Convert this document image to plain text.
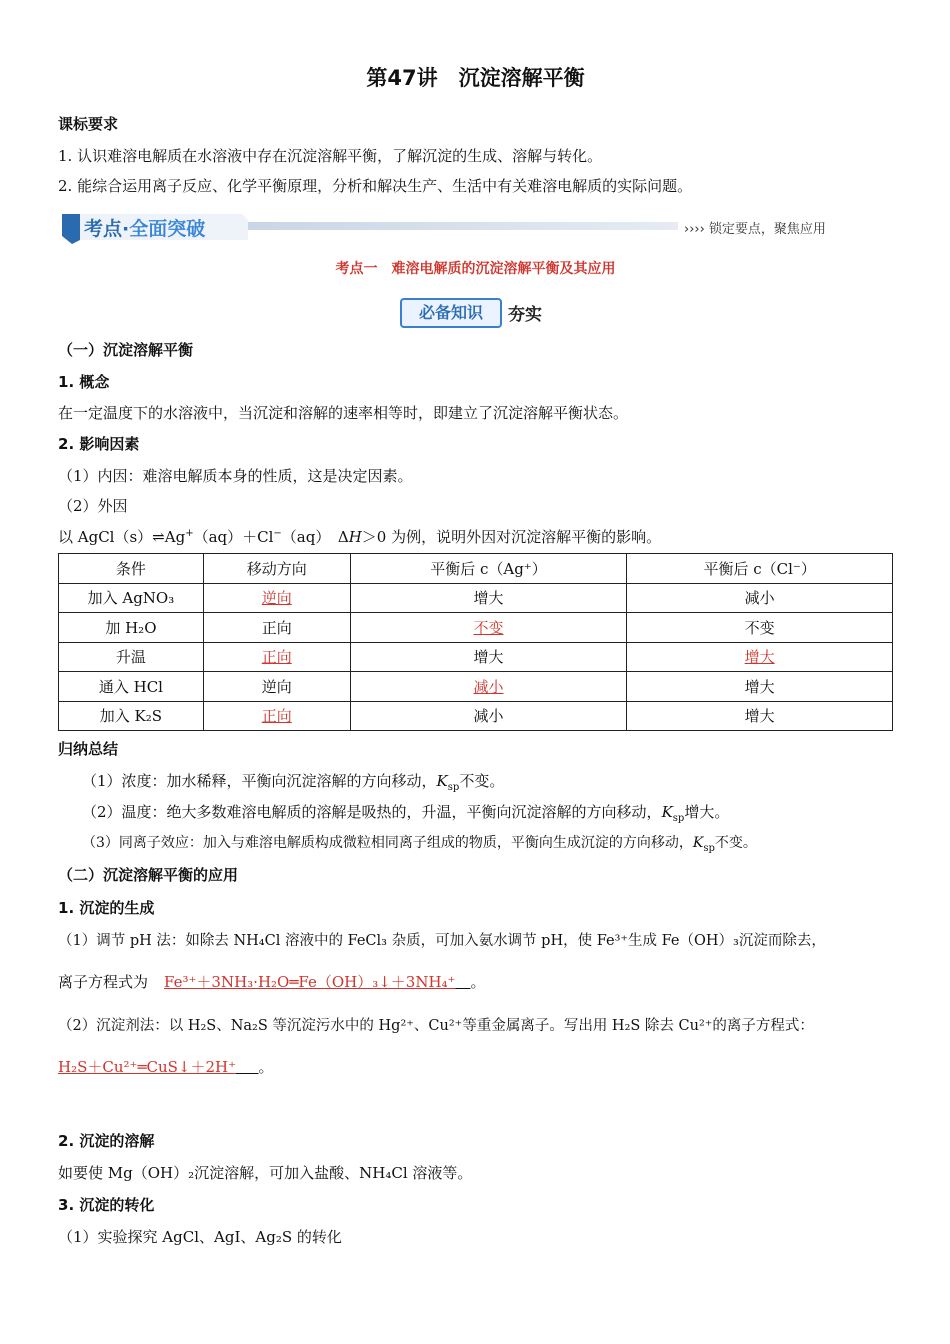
第47讲　沉淀溶解平衡
课标要求
1. 认识难溶电解质在水溶液中存在沉淀溶解平衡，了解沉淀的生成、溶解与转化。
2. 能综合运用离子反应、化学平衡原理，分析和解决生产、生活中有关难溶电解质的实际问题。
考点·全面突破	›››› 锁定要点，聚焦应用
考点一　难溶电解质的沉淀溶解平衡及其应用
必备知识	夯实
（一）沉淀溶解平衡
1. 概念
在一定温度下的水溶液中，当沉淀和溶解的速率相等时，即建立了沉淀溶解平衡状态。
2. 影响因素
（1）内因：难溶电解质本身的性质，这是决定因素。
（2）外因
以 AgCl（s）⇌Ag+（aq）＋Cl−（aq）　ΔH＞0 为例，说明外因对沉淀溶解平衡的影响。
条件	移动方向	平衡后 c（Ag⁺）	平衡后 c（Cl⁻）
加入 AgNO₃	逆向	增大	减小
加 H₂O	正向	不变	不变
升温	正向	增大	增大
通入 HCl	逆向	减小	增大
加入 K₂S	正向	减小	增大
归纳总结
（1）浓度：加水稀释，平衡向沉淀溶解的方向移动，$K_{sp}$不变。
（2）温度：绝大多数难溶电解质的溶解是吸热的，升温，平衡向沉淀溶解的方向移动，$K_{sp}$增大。
（3）同离子效应：加入与难溶电解质构成微粒相同离子组成的物质，平衡向生成沉淀的方向移动，$K_{sp}$不变。
（二）沉淀溶解平衡的应用
1. 沉淀的生成
（1）调节 pH 法：如除去 NH₄Cl 溶液中的 FeCl₃ 杂质，可加入氨水调节 pH，使 Fe³⁺生成 Fe（OH）₃沉淀而除去，
离子方程式为 Fe³⁺＋3NH₃·H₂O═Fe（OH）₃↓＋3NH₄⁺   。
（2）沉淀剂法：以 H₂S、Na₂S 等沉淀污水中的 Hg²⁺、Cu²⁺等重金属离子。写出用 H₂S 除去 Cu²⁺的离子方程式：
H₂S＋Cu²⁺═CuS↓＋2H⁺    。
2. 沉淀的溶解
如要使 Mg（OH）₂沉淀溶解，可加入盐酸、NH₄Cl 溶液等。
3. 沉淀的转化
（1）实验探究 AgCl、AgI、Ag₂S 的转化
